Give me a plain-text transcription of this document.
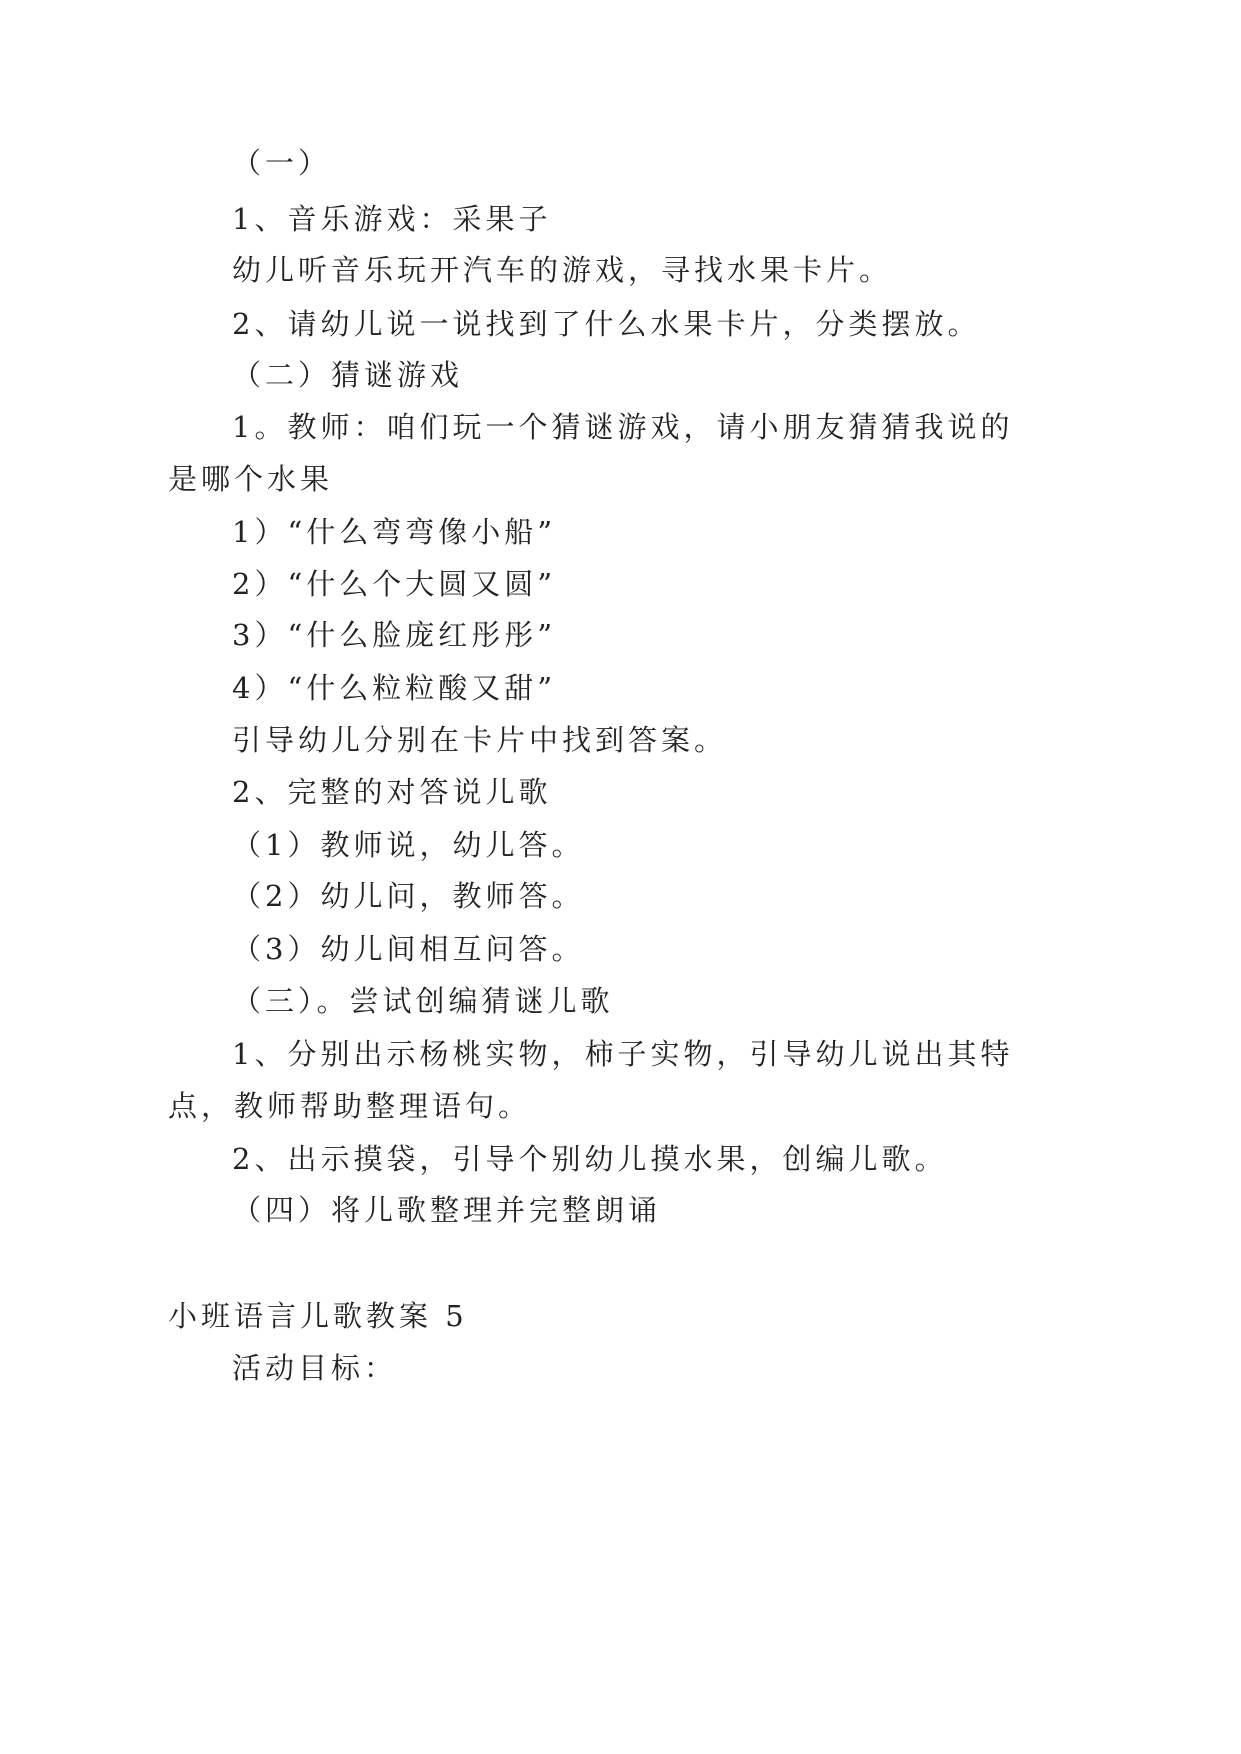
（一）
1、音乐游戏：采果子
幼儿听音乐玩开汽车的游戏，寻找水果卡片。
2、请幼儿说一说找到了什么水果卡片，分类摆放。
（二）猜谜游戏
1。教师：咱们玩一个猜谜游戏，请小朋友猜猜我说的
是哪个水果
1）“什么弯弯像小船”
2）“什么个大圆又圆”
3）“什么脸庞红彤彤”
4）“什么粒粒酸又甜”
引导幼儿分别在卡片中找到答案。
2、完整的对答说儿歌
（1）教师说，幼儿答。
（2）幼儿问，教师答。
（3）幼儿间相互问答。
（三）。尝试创编猜谜儿歌
1、分别出示杨桃实物，柿子实物，引导幼儿说出其特
点，教师帮助整理语句。
2、出示摸袋，引导个别幼儿摸水果，创编儿歌。
（四）将儿歌整理并完整朗诵
小班语言儿歌教案 5
活动目标：
